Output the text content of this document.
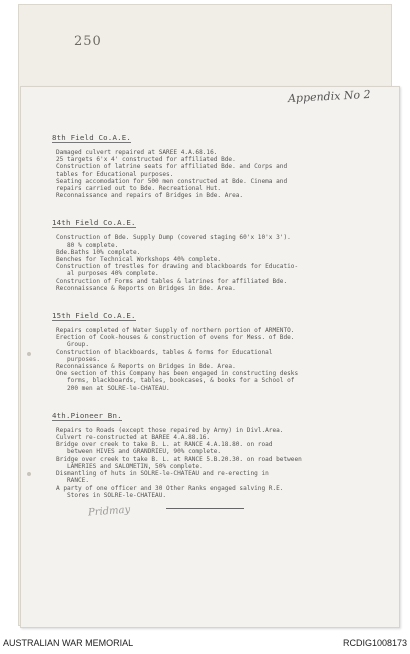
250
Appendix No 2
8th Field Co.A.E.
Damaged culvert repaired at SAREE 4.A.68.16.
25 targets 6'x 4' constructed for affiliated Bde.
Construction of latrine seats for affiliated Bde. and Corps and
tables for Educational purposes.
Seating accomodation for 500 men constructed at Bde. Cinema and
repairs carried out to Bde. Recreational Hut.
Reconnaissance and repairs of Bridges in Bde. Area.
14th Field Co.A.E.
Construction of Bde. Supply Dump (covered staging 60'x 10'x 3').
80 % complete.
Bde.Baths 10% complete.
Benches for Technical Workshops 40% complete.
Construction of trestles for drawing and blackboards for Educatio-
al purposes 40% complete.
Construction of Forms and tables & latrines for affiliated Bde.
Reconnaissance & Reports on Bridges in Bde. Area.
15th Field Co.A.E.
Repairs completed of Water Supply of northern portion of ARMENTO.
Erection of Cook-houses & construction of ovens for Mess. of Bde.
Group.
Construction of blackboards, tables & forms for Educational
purposes.
Reconnaissance & Reports on Bridges in Bde. Area.
One section of this Company has been engaged in constructing desks
forms, blackboards, tables, bookcases, & books for a School of
200 men at SOLRE-le-CHATEAU.
4th.Pioneer Bn.
Repairs to Roads (except those repaired by Army) in Divl.Area.
Culvert re-constructed at BAREE 4.A.88.16.
Bridge over creek to take B. L. at RANCE 4.A.18.80. on road
between HIVES and GRANDRIEU, 90% complete.
Bridge over creek to take B. L. at RANCE 5.B.20.30. on road between
LAMERIES and SALOMETIN, 50% complete.
Dismantling of huts in SOLRE-le-CHATEAU and re-erecting in
RANCE.
A party of one officer and 30 Other Ranks engaged salving R.E.
Stores in SOLRE-le-CHATEAU.
Pridmay
AUSTRALIAN WAR MEMORIAL	RCDIG1008173
